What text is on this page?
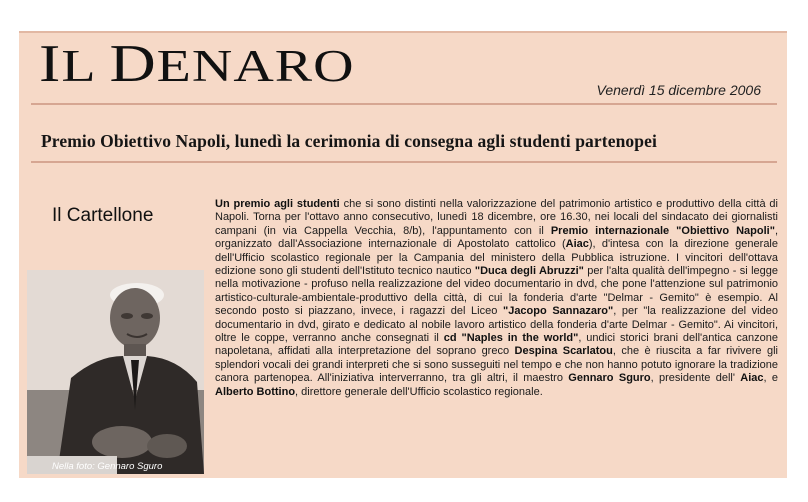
IL DENARO	Venerdì 15 dicembre 2006
Premio Obiettivo Napoli, lunedì la cerimonia di consegna agli studenti partenopei
Il Cartellone
Nella foto: Gennaro Sguro
Un premio agli studenti che si sono distinti nella valorizzazione del patrimonio artistico e produttivo della città di Napoli. Torna per l'ottavo anno consecutivo, lunedì 18 dicembre, ore 16.30, nei locali del sindacato dei giornalisti campani (in via Cappella Vecchia, 8/b), l'appuntamento con il Premio internazionale "Obiettivo Napoli", organizzato dall'Associazione internazionale di Apostolato cattolico (Aiac), d'intesa con la direzione generale dell'Ufficio scolastico regionale per la Campania del ministero della Pubblica istruzione. I vincitori dell'ottava edizione sono gli studenti dell'Istituto tecnico nautico "Duca degli Abruzzi" per l'alta qualità dell'impegno - si legge nella motivazione - profuso nella realizzazione del video documentario in dvd, che pone l'attenzione sul patrimonio artistico-culturale-ambientale-produttivo della città, di cui la fonderia d'arte "Delmar - Gemito" è esempio. Al secondo posto si piazzano, invece, i ragazzi del Liceo "Jacopo Sannazaro", per "la realizzazione del video documentario in dvd, girato e dedicato al nobile lavoro artistico della fonderia d'arte Delmar - Gemito". Ai vincitori, oltre le coppe, verranno anche consegnati il cd "Naples in the world", undici storici brani dell'antica canzone napoletana, affidati alla interpretazione del soprano greco Despina Scarlatou, che è riuscita a far rivivere gli splendori vocali dei grandi interpreti che si sono susseguiti nel tempo e che non hanno potuto ignorare la tradizione canora partenopea. All'iniziativa interverranno, tra gli altri, il maestro Gennaro Sguro, presidente dell' Aiac, e Alberto Bottino, direttore generale dell'Ufficio scolastico regionale.
